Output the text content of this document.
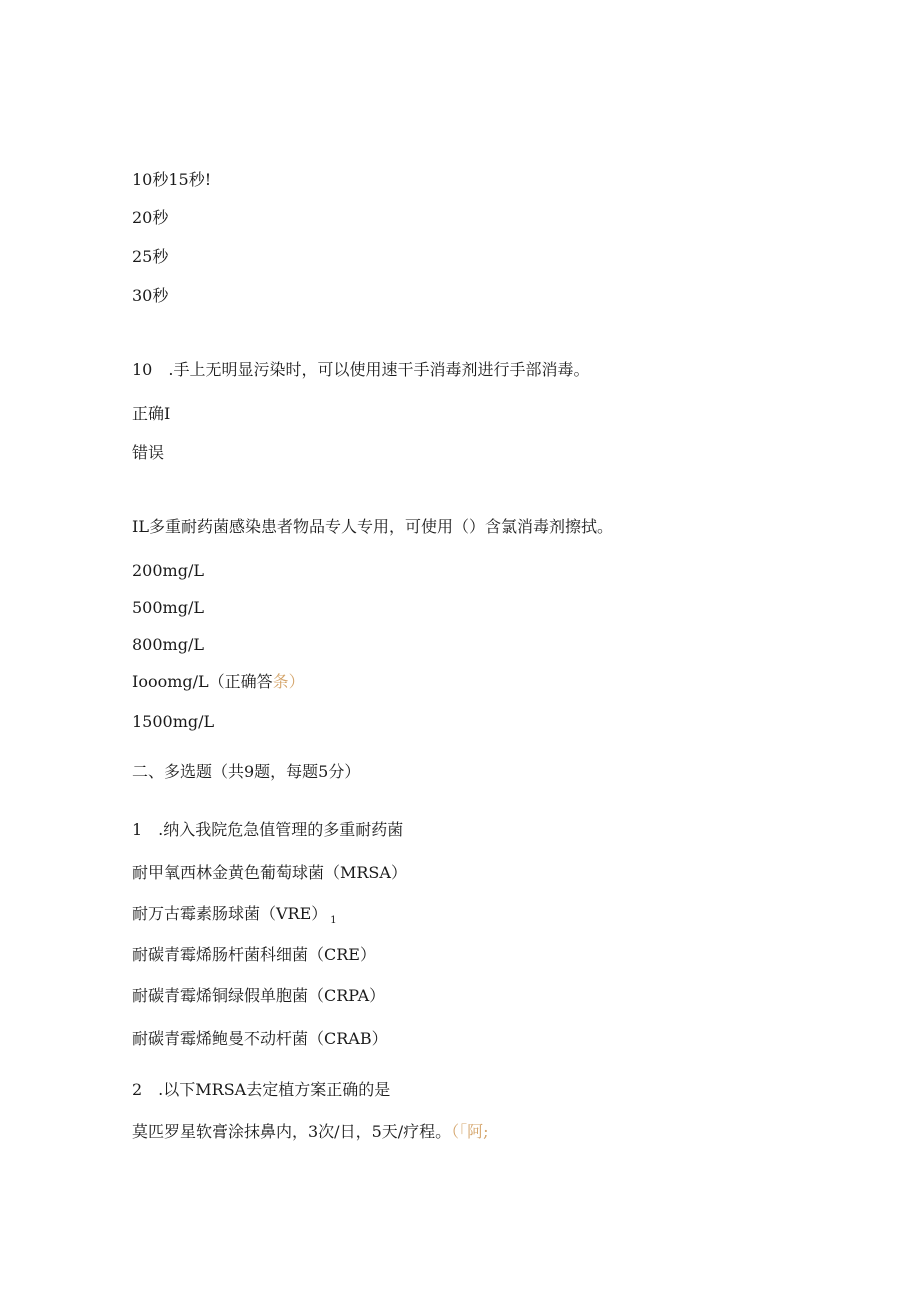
10秒15秒!
20秒
25秒
30秒
10　.手上无明显污染时，可以使用速干手消毒剂进行手部消毒。
正确I
错误
IL多重耐药菌感染患者物品专人专用，可使用（）含氯消毒剂擦拭。
200mg∕L
500mg∕L
800mg∕L
Iooomg∕L（正确答条）
1500mg∕L
二、多选题（共9题，每题5分）
1　.纳入我院危急值管理的多重耐药菌
耐甲氧西林金黄色葡萄球菌（MRSA）
耐万古霉素肠球菌（VRE） $_1$
耐碳青霉烯肠杆菌科细菌（CRE）
耐碳青霉烯铜绿假单胞菌（CRPA）
耐碳青霉烯鲍曼不动杆菌（CRAB）
2　.以下MRSA去定植方案正确的是
莫匹罗星软膏涂抹鼻内，3次/日，5天/疗程。（「阿;
